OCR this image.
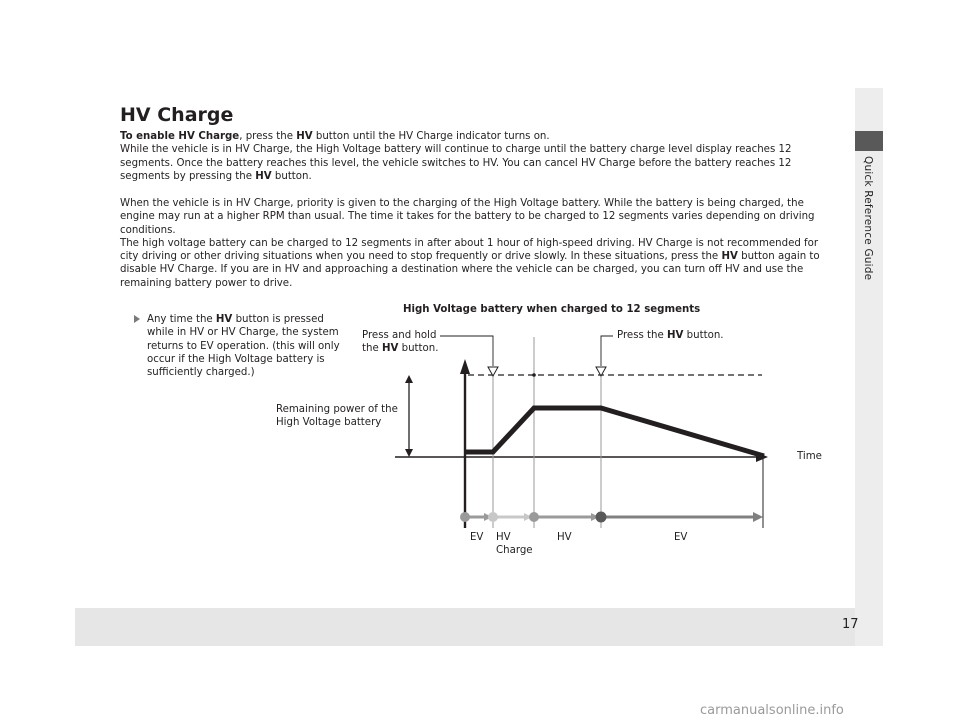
Quick Reference Guide
17
HV Charge

To enable HV Charge, press the HV button until the HV Charge indicator turns on.
While the vehicle is in HV Charge, the High Voltage battery will continue to charge until the battery charge level display reaches 12 segments. Once the battery reaches this level, the vehicle switches to HV. You can cancel HV Charge before the battery reaches 12 segments by pressing the HV button.

When the vehicle is in HV Charge, priority is given to the charging of the High Voltage battery. While the battery is being charged, the engine may run at a higher RPM than usual. The time it takes for the battery to be charged to 12 segments varies depending on driving conditions.
The high voltage battery can be charged to 12 segments in after about 1 hour of high-speed driving. HV Charge is not recommended for city driving or other driving situations when you need to stop frequently or drive slowly. In these situations, press the HV button again to disable HV Charge. If you are in HV and approaching a destination where the vehicle can be charged, you can turn off HV and use the remaining battery power to drive.

Any time the HV button is pressed while in HV or HV Charge, the system returns to EV operation. (this will only occur if the High Voltage battery is sufficiently charged.)
High Voltage battery when charged to 12 segments
Press and hold
the HV button.
Press the HV button.
Remaining power of the
High Voltage battery
Time
EV HV
Charge
HV	EV
carmanualsonline.info
